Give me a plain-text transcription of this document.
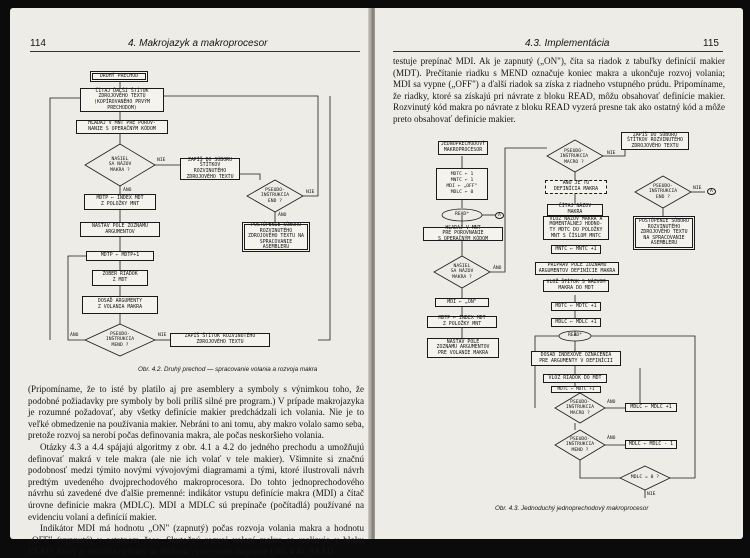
114	4. Makrojazyk a makroprocesor
DRUHÝ PRECHOD
ČÍTAJ ĎALŠÍ ŠTÍTOK
ZDROJOVÉHO TEXTU
(KOPÍROVANÉHO PRVÝM
PRECHODOM)
HĽADAJ V MNT PRE POROV-
NANIE S OPERAČNÝM KÓDOM
NAŠIEL
SA NÁZOV
MAKRA ?
NIE
ÁNO
ZAPÍŠ DO SÚBORU
ŠTÍTKOV ROZVINUTÉHO
ZDROJOVÉHO TEXTU
PSEUDO-
INŠTRUKCIA
END ?
NIE
ÁNO
POSTÚPENIE SÚBORU
ROZVINUTÉHO
ZDROJOVÉHO TEXTU NA
SPRACOVANIE ASEMBLERU
MDTP ← INDEX MDT
Z POLOŽKY MNT
NASTAV POLE ZOZNAMU
ARGUMENTOV
MDTP ← MDTP+1
ZOBER RIADOK
Z MDT
DOSAĎ ARGUMENTY
Z VOLANIA MAKRA
PSEUDO-
INŠTRUKCIA
MEND ?
ÁNO	NIE	ZAPÍŠ ŠTÍTOK ROZVINUTÉHO
ZDROJOVÉHO TEXTU
Obr. 4.2. Druhý prechod — spracovanie volania a rozvoja makra

(Pripomíname, že to isté by platilo aj pre asemblery a symboly s výnimkou toho, že podobné požiadavky pre symboly by boli príliš silné pre program.) V prípade makrojazyka je rozumné požadovať, aby všetky definície makier predchádzali ich volania. Nie je to veľké obmedzenie na používania makier. Nebráni to ani tomu, aby makro volalo samo seba, pretože rozvoj sa nerobí počas definovania makra, ale počas neskoršieho volania.

Otázky 4.3 a 4.4 spájajú algoritmy z obr. 4.1 a 4.2 do jedného prechodu a umožňujú definovať makrá v tele makra (ale nie ich volať v tele makier). Všimnite si značnú podobnosť medzi týmito novými vývojovými diagramami a tými, ktoré ilustrovali návrh predtým uvedeného dvojprechodového makroprocesora. Do tohto jednoprechodového návrhu sú zavedené dve ďalšie premenné: indikátor vstupu definície makra (MDI) a čítač úrovne definície makra (MDLC). MDI a MDLC sú prepínače (počítadlá) používané na evidenciu volaní a definícií makier.

Indikátor MDI má hodnotu „ON" (zapnutý) počas rozvoja volania makra a hodnotu „OFF" (vypnutý) v ostatnom čase. Skutočný rozvoj volaní makra sa realizuje v bloku READ, ktorý je detailne opísaný na druhom vývojovom diagrame (obr. 4.4). READ

4.3. Implementácia	115

testuje prepínač MDI. Ak je zapnutý („ON"), číta sa riadok z tabuľky definícií makier (MDT). Prečítanie riadku s MEND označuje koniec makra a ukončuje rozvoj volania; MDI sa vypne („OFF") a ďalší riadok sa získa z riadneho vstupného prúdu. Pripomíname, že riadky, ktoré sa získajú pri návrate z bloku READ, môžu obsahovať definície makier. Rozvinutý kód makra po návrate z bloku READ vyzerá presne tak ako ostatný kód a môže preto obsahovať definície makier.

JEDNOPRECHODOVÝ
MAKROPROCESOR
MDTC ← 1
MNTC ← 1
MDI ← „OFF"
MDLC ← 0
READ*	A
HĽADAJ V MNT
PRE POROVNANIE
S OPERAČNÝM KÓDOM
NAŠIEL
SA NÁZOV
MAKRA ?
ÁNO
MDI ← „ON"
MDTP ← INDEX MDT
Z POLOŽKY MNT
NASTAV POLE
ZOZNAMU ARGUMENTOV
PRE VOLANIE MAKRA
PSEUDO-
INŠTRUKCIA
MACRO ?
NIE
ZAPÍŠ DO SÚBORU
ŠTÍTKOV ROZVINUTÉHO
ZDROJOVÉHO TEXTU
PSEUDO-
INŠTRUKCIA
END ?
NIE
A
POSTÚPENIE SÚBORU
ROZVINUTÉHO
ZDROJOVÉHO TEXTU
NA SPRACOVANIE
ASEMBLERU
ANO JE TO
DEFINÍCIA MAKRA
ČÍTAJ NÁZOV
MAKRA
VLOŽ NÁZOV MAKRA A
MOMENTÁLNEJ HODNO-
TY MDTC DO POLOŽKY
MNT S ČÍSLOM MNTC
MNTC ← MNTC +1
PRIPRAV POLE ZOZNAMU
ARGUMENTOV DEFINÍCIE MAKRA
VLOŽ ŠTÍTOK S NÁZVOM
MAKRA DO MDT
MDTC ← MDTC +1
MDLC ← MDLC +1
READ*
DOSAĎ INDEXOVÉ OZNAČENIA
PRE ARGUMENTY V DEFINÍCII
VLOŽ RIADOK DO MDT
MDTC ← MDTC +1
PSEUDO-
INŠTRUKCIA
MACRO ?
ÁNO
MDLC ← MDLC +1
PSEUDO-
INŠTRUKCIA
MEND ?
ÁNO
MDLC ← MDLC - 1
MDLC = 0 ?
NIE
Obr. 4.3. Jednoduchý jednoprechodový makroprocesor
